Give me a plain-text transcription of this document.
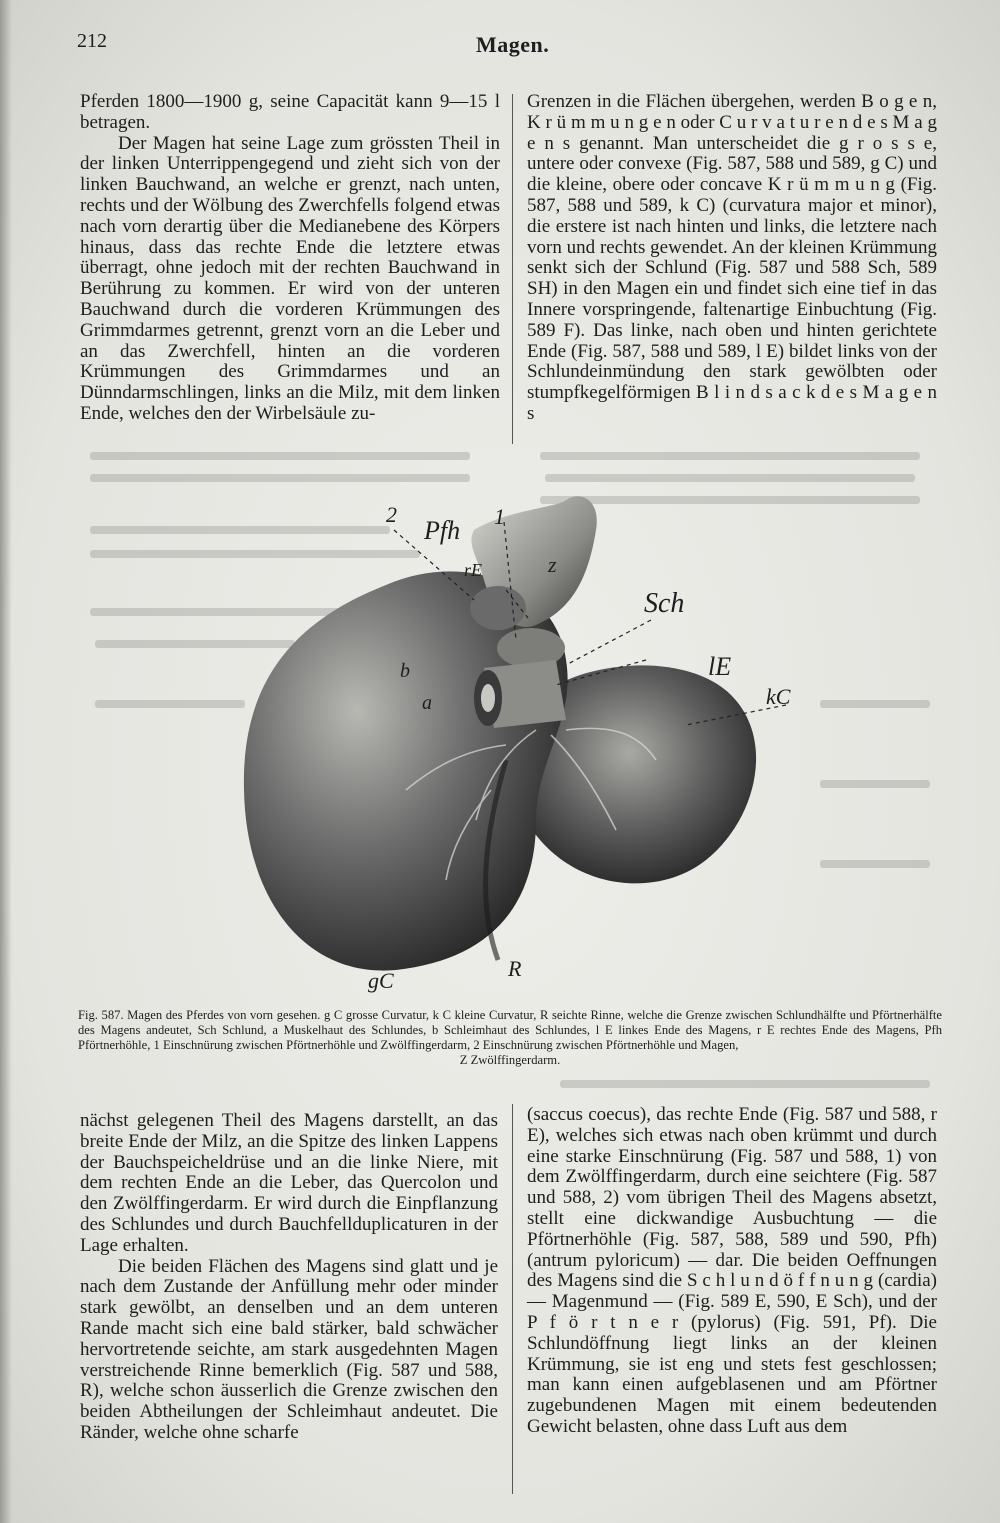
212	Magen.

Pferden 1800—1900 g, seine Capacität kann 9—15 l betragen.

Der Magen hat seine Lage zum grössten Theil in der linken Unterrippengegend und zieht sich von der linken Bauchwand, an welche er grenzt, nach unten, rechts und der Wölbung des Zwerchfells folgend etwas nach vorn derartig über die Medianebene des Körpers hinaus, dass das rechte Ende die letztere etwas überragt, ohne jedoch mit der rechten Bauchwand in Berührung zu kommen. Er wird von der unteren Bauchwand durch die vorderen Krümmungen des Grimmdarmes getrennt, grenzt vorn an die Leber und an das Zwerchfell, hinten an die vorderen Krümmungen des Grimmdarmes und an Dünndarmschlingen, links an die Milz, mit dem linken Ende, welches den der Wirbelsäule zu-

Grenzen in die Flächen übergehen, werden B o g e n, K r ü m m u n g e n oder C u r v a t u r e n d e s M a g e n s genannt. Man unterscheidet die g r o s s e, untere oder convexe (Fig. 587, 588 und 589, g C) und die kleine, obere oder concave K r ü m m u n g (Fig. 587, 588 und 589, k C) (curvatura major et minor), die erstere ist nach hinten und links, die letztere nach vorn und rechts gewendet. An der kleinen Krümmung senkt sich der Schlund (Fig. 587 und 588 Sch, 589 SH) in den Magen ein und findet sich eine tief in das Innere vorspringende, faltenartige Einbuchtung (Fig. 589 F). Das linke, nach oben und hinten gerichtete Ende (Fig. 587, 588 und 589, l E) bildet links von der Schlundeinmündung den stark gewölbten oder stumpfkegelförmigen B l i n d s a c k d e s M a g e n s

2
Pfh 1
z
rE
Sch
b
a
lE
kC
gC	R
Fig. 587. Magen des Pferdes von vorn gesehen. g C grosse Curvatur, k C kleine Curvatur, R seichte Rinne, welche die Grenze zwischen Schlundhälfte und Pförtnerhälfte des Magens andeutet, Sch Schlund, a Muskelhaut des Schlundes, b Schleimhaut des Schlundes, l E linkes Ende des Magens, r E rechtes Ende des Magens, Pfh Pförtnerhöhle, 1 Einschnürung zwischen Pförtnerhöhle und Zwölffingerdarm, 2 Einschnürung zwischen Pförtnerhöhle und Magen,
Z Zwölffingerdarm.

nächst gelegenen Theil des Magens darstellt, an das breite Ende der Milz, an die Spitze des linken Lappens der Bauchspeicheldrüse und an die linke Niere, mit dem rechten Ende an die Leber, das Quercolon und den Zwölffingerdarm. Er wird durch die Einpflanzung des Schlundes und durch Bauchfellduplicaturen in der Lage erhalten.

Die beiden Flächen des Magens sind glatt und je nach dem Zustande der Anfüllung mehr oder minder stark gewölbt, an denselben und an dem unteren Rande macht sich eine bald stärker, bald schwächer hervortretende seichte, am stark ausgedehnten Magen verstreichende Rinne bemerklich (Fig. 587 und 588, R), welche schon äusserlich die Grenze zwischen den beiden Abtheilungen der Schleimhaut andeutet. Die Ränder, welche ohne scharfe

(saccus coecus), das rechte Ende (Fig. 587 und 588, r E), welches sich etwas nach oben krümmt und durch eine starke Einschnürung (Fig. 587 und 588, 1) von dem Zwölffingerdarm, durch eine seichtere (Fig. 587 und 588, 2) vom übrigen Theil des Magens absetzt, stellt eine dickwandige Ausbuchtung — die Pförtnerhöhle (Fig. 587, 588, 589 und 590, Pfh) (antrum pyloricum) — dar. Die beiden Oeffnungen des Magens sind die S c h l u n d ö f f n u n g (cardia) — Magenmund — (Fig. 589 E, 590, E Sch), und der P f ö r t n e r (pylorus) (Fig. 591, Pf). Die Schlundöffnung liegt links an der kleinen Krümmung, sie ist eng und stets fest geschlossen; man kann einen aufgeblasenen und am Pförtner zugebundenen Magen mit einem bedeutenden Gewicht belasten, ohne dass Luft aus dem
